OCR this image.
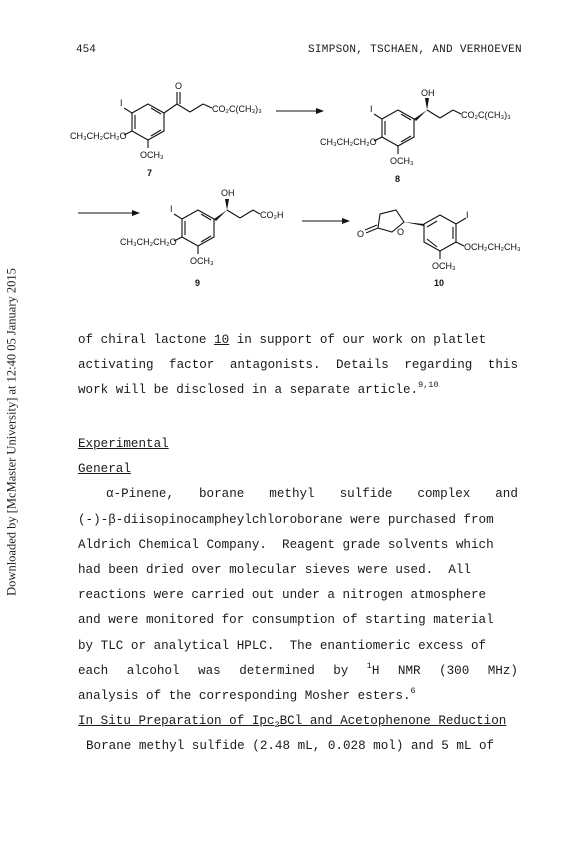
Downloaded by [McMaster University] at 12:40 05 January 2015
454	SIMPSON, TSCHAEN, AND VERHOEVEN
I
CH₃CH₂CH₂O
OCH₃
O
CO₂C(CH₃)₃
7
I
CH₃CH₂CH₂O
OCH₃
OH
CO₂C(CH₃)₃
8
I
CH₃CH₂CH₂O
OCH₃
OH
CO₂H
9
O
O
I
OCH₂CH₂CH₃
OCH₃
10
of chiral lactone 10 in support of our work on platlet
activating factor antagonists. Details regarding this
work will be disclosed in a separate article.$^{9,10}$
Experimental
General
α-Pinene, borane methyl sulfide complex and
(-)-β-diisopinocampheylchloroborane were purchased from
Aldrich Chemical Company.  Reagent grade solvents which
had been dried over molecular sieves were used.  All
reactions were carried out under a nitrogen atmosphere
and were monitored for consumption of starting material
by TLC or analytical HPLC.  The enantiomeric excess of
each alcohol was determined by $^1$H NMR (300 MHz)
analysis of the corresponding Mosher esters.$^6$
In Situ Preparation of Ipc$_2$BCl and Acetophenone Reduction
Borane methyl sulfide (2.48 mL, 0.028 mol) and 5 mL of
